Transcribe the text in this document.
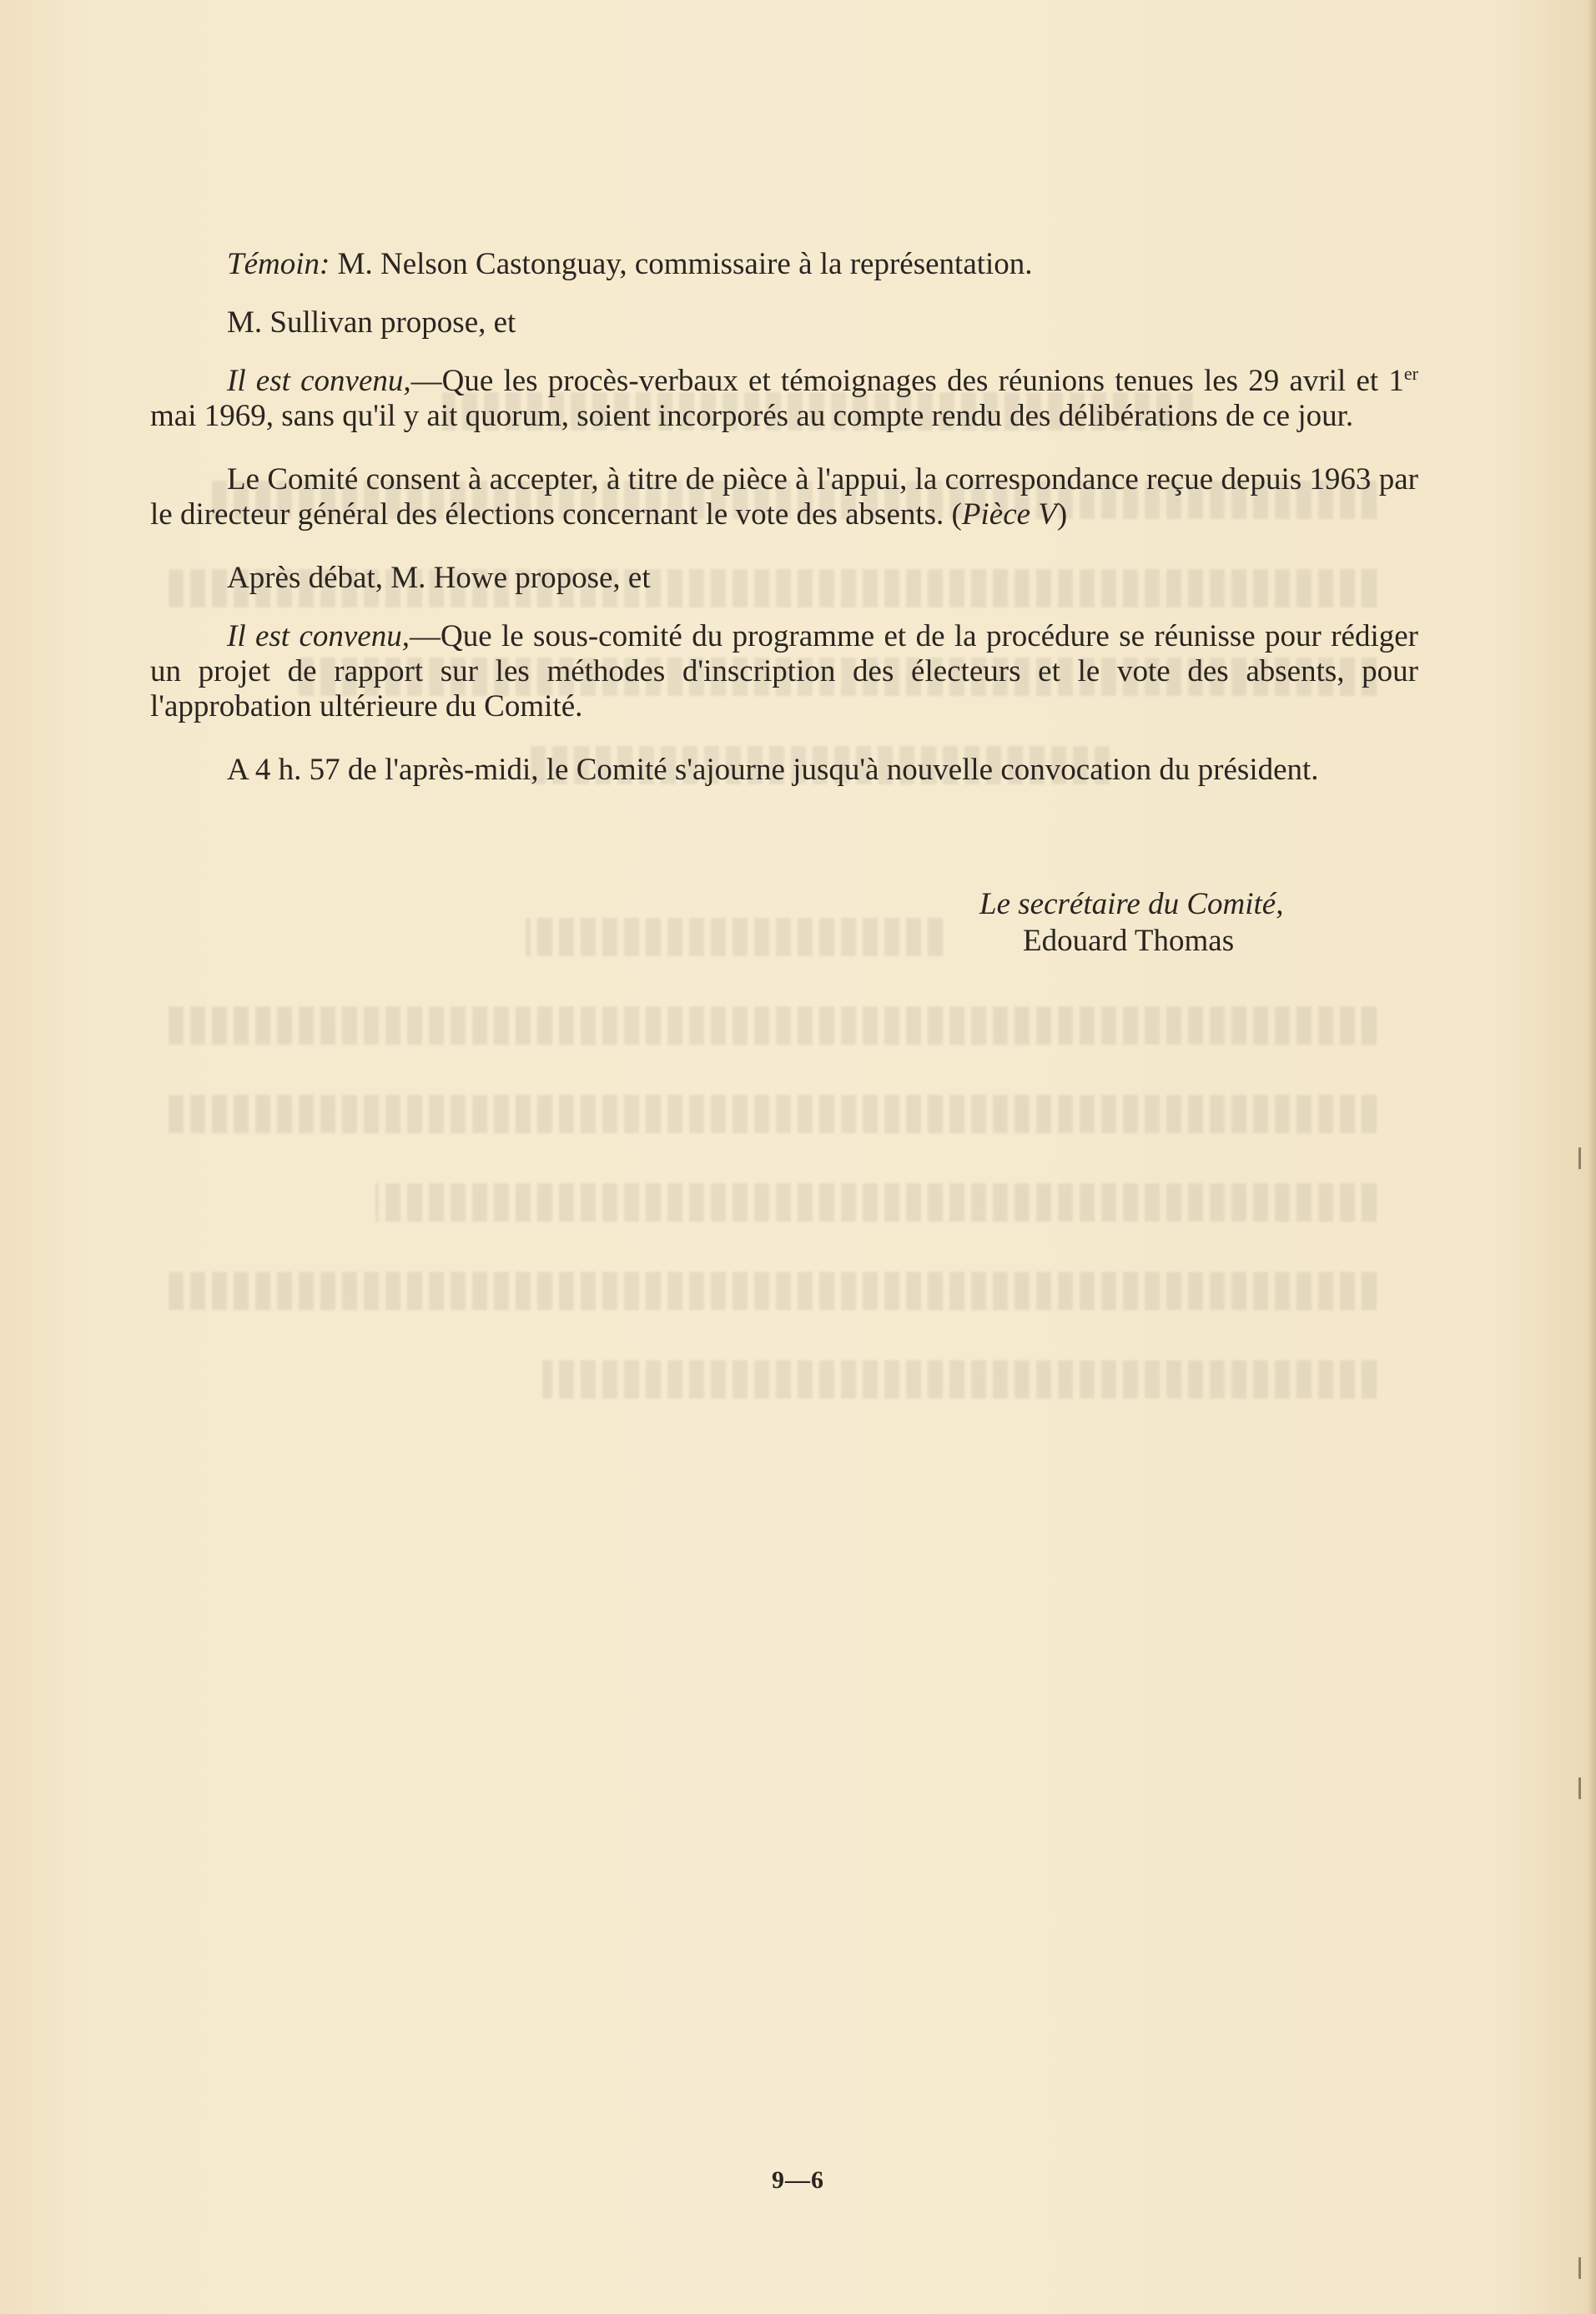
Témoin: M. Nelson Castonguay, commissaire à la représentation.

M. Sullivan propose, et

Il est convenu,—Que les procès-verbaux et témoignages des réunions tenues les 29 avril et 1er mai 1969, sans qu'il y ait quorum, soient incorporés au compte rendu des délibérations de ce jour.

Le Comité consent à accepter, à titre de pièce à l'appui, la correspondance reçue depuis 1963 par le directeur général des élections concernant le vote des absents. (Pièce V)

Après débat, M. Howe propose, et

Il est convenu,—Que le sous-comité du programme et de la procédure se réunisse pour rédiger un projet de rapport sur les méthodes d'inscription des électeurs et le vote des absents, pour l'approbation ultérieure du Comité.

A 4 h. 57 de l'après-midi, le Comité s'ajourne jusqu'à nouvelle convocation du président.

Le secrétaire du Comité,
Edouard Thomas
9—6
